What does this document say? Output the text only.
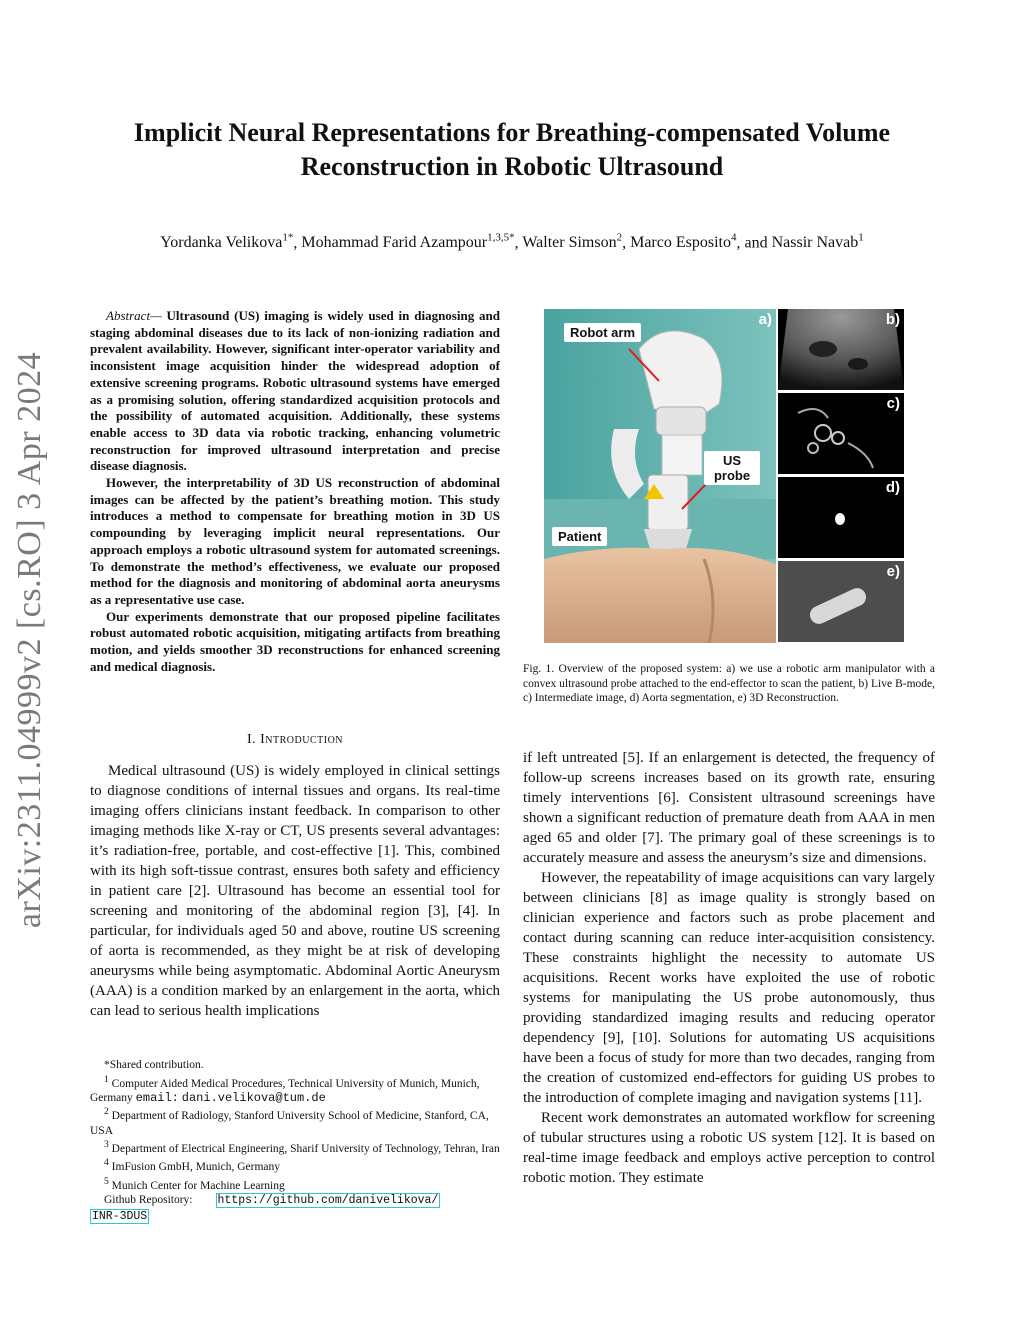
arXiv:2311.04999v2 [cs.RO] 3 Apr 2024
Implicit Neural Representations for Breathing-compensated Volume Reconstruction in Robotic Ultrasound
Yordanka Velikova$^{1*}$, Mohammad Farid Azampour$^{1,3,5*}$, Walter Simson$^2$, Marco Esposito$^4$, and Nassir Navab$^1$

Abstract— Ultrasound (US) imaging is widely used in diagnosing and staging abdominal diseases due to its lack of non-ionizing radiation and prevalent availability. However, significant inter-operator variability and inconsistent image acquisition hinder the widespread adoption of extensive screening programs. Robotic ultrasound systems have emerged as a promising solution, offering standardized acquisition protocols and the possibility of automated acquisition. Additionally, these systems enable access to 3D data via robotic tracking, enhancing volumetric reconstruction for improved ultrasound interpretation and precise disease diagnosis.

However, the interpretability of 3D US reconstruction of abdominal images can be affected by the patient’s breathing motion. This study introduces a method to compensate for breathing motion in 3D US compounding by leveraging implicit neural representations. Our approach employs a robotic ultrasound system for automated screenings. To demonstrate the method’s effectiveness, we evaluate our proposed method for the diagnosis and monitoring of abdominal aorta aneurysms as a representative use case.

Our experiments demonstrate that our proposed pipeline facilitates robust automated robotic acquisition, mitigating artifacts from breathing motion, and yields smoother 3D reconstructions for enhanced screening and medical diagnosis.

I. Introduction

Medical ultrasound (US) is widely employed in clinical settings to diagnose conditions of internal tissues and organs. Its real-time imaging offers clinicians instant feedback. In comparison to other imaging methods like X-ray or CT, US presents several advantages: it’s radiation-free, portable, and cost-effective [1]. This, combined with its high soft-tissue contrast, ensures both safety and efficiency in patient care [2]. Ultrasound has become an essential tool for screening and monitoring of the abdominal region [3], [4]. In particular, for individuals aged 50 and above, routine US screening of aorta is recommended, as they might be at risk of developing aneurysms while being asymptomatic. Abdominal Aortic Aneurysm (AAA) is a condition marked by an enlargement in the aorta, which can lead to serious health implications

*Shared contribution.

$^1$ Computer Aided Medical Procedures, Technical University of Munich, Munich, Germany email: dani.velikova@tum.de

$^2$ Department of Radiology, Stanford University School of Medicine, Stanford, CA, USA

$^3$ Department of Electrical Engineering, Sharif University of Technology, Tehran, Iran

$^4$ ImFusion GmbH, Munich, Germany

$^5$ Munich Center for Machine Learning

Github Repository: https://github.com/danivelikova/
INR-3DUS

Robot arm
US probe
Patient
a)	b)
c)
d)
e)
Fig. 1. Overview of the proposed system: a) we use a robotic arm manipulator with a convex ultrasound probe attached to the end-effector to scan the patient, b) Live B-mode, c) Intermediate image, d) Aorta segmentation, e) 3D Reconstruction.

if left untreated [5]. If an enlargement is detected, the frequency of follow-up screens increases based on its growth rate, ensuring timely interventions [6]. Consistent ultrasound screenings have shown a significant reduction of premature death from AAA in men aged 65 and older [7]. The primary goal of these screenings is to accurately measure and assess the aneurysm’s size and dimensions.

However, the repeatability of image acquisitions can vary largely between clinicians [8] as image quality is strongly based on clinician experience and factors such as probe placement and contact during scanning can reduce inter-acquisition consistency. These constraints highlight the necessity to automate US acquisitions. Recent works have exploited the use of robotic systems for manipulating the US probe autonomously, thus providing standardized imaging results and reducing operator dependency [9], [10]. Solutions for automating US acquisitions have been a focus of study for more than two decades, ranging from the creation of customized end-effectors for guiding US probes to the introduction of complete imaging and navigation systems [11].

Recent work demonstrates an automated workflow for screening of tubular structures using a robotic US system [12]. It is based on real-time image feedback and employs active perception to control robotic motion. They estimate
